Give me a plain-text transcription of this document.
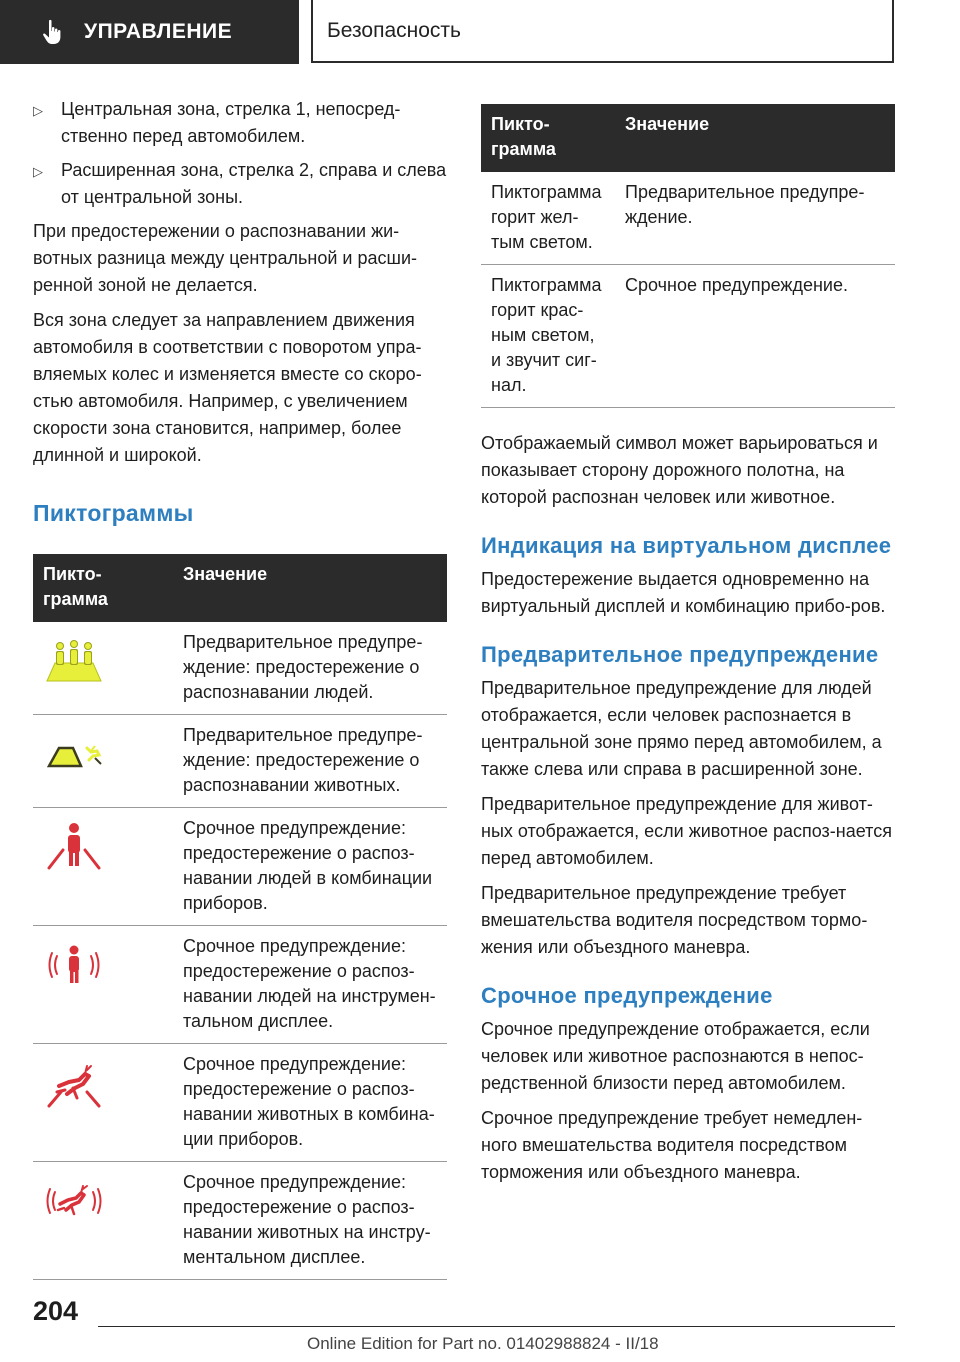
УПРАВЛЕНИЕ	Безопасность
▷	Центральная зона, стрелка 1, непосред-ственно перед автомобилем.
▷	Расширенная зона, стрелка 2, справа и слева от центральной зоны.

При предостережении о распознавании жи-вотных разница между центральной и расши-ренной зоной не делается.

Вся зона следует за направлением движения автомобиля в соответствии с поворотом упра-вляемых колес и изменяется вместе со скоро-стью автомобиля. Например, с увеличением скорости зона становится, например, более длинной и широкой.

Пиктограммы
Пикто-грамма	Значение

	Предварительное предупре-ждение: предостережение о распознавании людей.

	Предварительное предупре-ждение: предостережение о распознавании животных.

	Срочное предупреждение: предостережение о распоз-навании людей в комбинации приборов.

	Срочное предупреждение: предостережение о распоз-навании людей на инструмен-тальном дисплее.

	Срочное предупреждение: предостережение о распоз-навании животных в комбина-ции приборов.

	Срочное предупреждение: предостережение о распоз-навании животных на инстру-ментальном дисплее.
Пикто-грамма	Значение
Пиктограмма горит жел-тым светом.	Предварительное предупре-ждение.
Пиктограмма горит крас-ным светом, и звучит сиг-нал.	Срочное предупреждение.

Отображаемый символ может варьироваться и показывает сторону дорожного полотна, на которой распознан человек или животное.

Индикация на виртуальном дисплее

Предостережение выдается одновременно на виртуальный дисплей и комбинацию прибо-ров.

Предварительное предупреждение

Предварительное предупреждение для людей отображается, если человек распознается в центральной зоне прямо перед автомобилем, а также слева или справа в расширенной зоне.

Предварительное предупреждение для живот-ных отображается, если животное распоз-нается перед автомобилем.

Предварительное предупреждение требует вмешательства водителя посредством тормо-жения или объездного маневра.

Срочное предупреждение

Срочное предупреждение отображается, если человек или животное распознаются в непос-редственной близости перед автомобилем.

Срочное предупреждение требует немедлен-ного вмешательства водителя посредством торможения или объездного маневра.

204
Online Edition for Part no. 01402988824 - II/18
